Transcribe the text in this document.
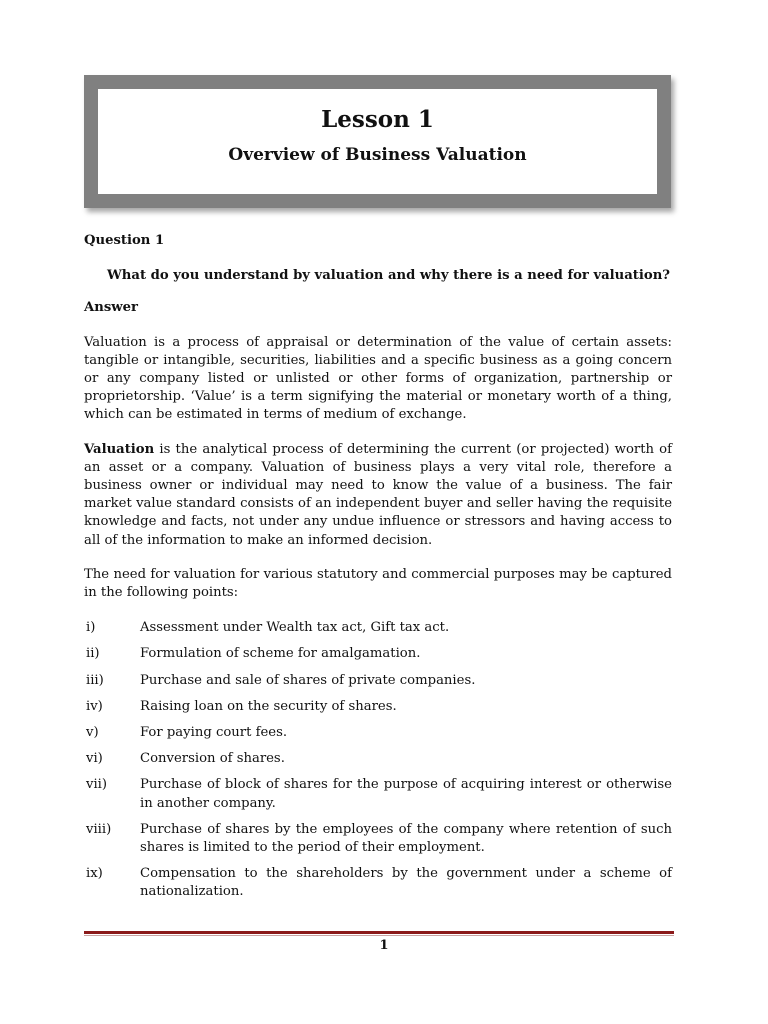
Lesson 1
Overview of Business Valuation

Question 1

What do you understand by valuation and why there is a need for valuation?

Answer

Valuation is a process of appraisal or determination of the value of certain assets: tangible or intangible, securities, liabilities and a specific business as a going concern or any company listed or unlisted or other forms of organization, partnership or proprietorship. ‘Value’ is a term signifying the material or monetary worth of a thing, which can be estimated in terms of medium of exchange.

Valuation is the analytical process of determining the current (or projected) worth of an asset or a company. Valuation of business plays a very vital role, therefore a business owner or individual may need to know the value of a business. The fair market value standard consists of an independent buyer and seller having the requisite knowledge and facts, not under any undue influence or stressors and having access to all of the information to make an informed decision.

The need for valuation for various statutory and commercial purposes may be captured in the following points:

i)	Assessment under Wealth tax act, Gift tax act.
ii)	Formulation of scheme for amalgamation.
iii)	Purchase and sale of shares of private companies.
iv)	Raising loan on the security of shares.
v)	For paying court fees.
vi)	Conversion of shares.
vii)	Purchase of block of shares for the purpose of acquiring interest or otherwise in another company.
viii)	Purchase of shares by the employees of the company where retention of such shares is limited to the period of their employment.
ix)	Compensation to the shareholders by the government under a scheme of nationalization.
1
